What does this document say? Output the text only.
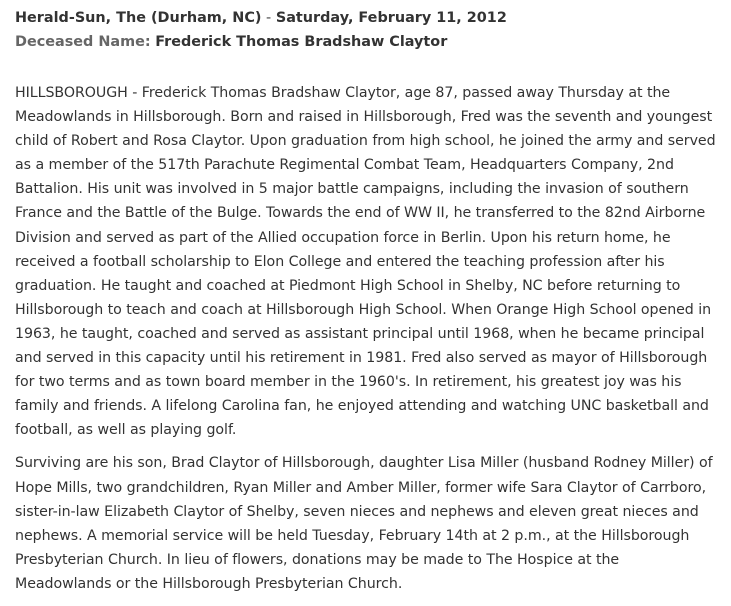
Herald-Sun, The (Durham, NC) - Saturday, February 11, 2012

Deceased Name: Frederick Thomas Bradshaw Claytor

HILLSBOROUGH - Frederick Thomas Bradshaw Claytor, age 87, passed away Thursday at the Meadowlands in Hillsborough. Born and raised in Hillsborough, Fred was the seventh and youngest child of Robert and Rosa Claytor. Upon graduation from high school, he joined the army and served as a member of the 517th Parachute Regimental Combat Team, Headquarters Company, 2nd Battalion. His unit was involved in 5 major battle campaigns, including the invasion of southern France and the Battle of the Bulge. Towards the end of WW II, he transferred to the 82nd Airborne Division and served as part of the Allied occupation force in Berlin. Upon his return home, he received a football scholarship to Elon College and entered the teaching profession after his graduation. He taught and coached at Piedmont High School in Shelby, NC before returning to Hillsborough to teach and coach at Hillsborough High School. When Orange High School opened in 1963, he taught, coached and served as assistant principal until 1968, when he became principal and served in this capacity until his retirement in 1981. Fred also served as mayor of Hillsborough for two terms and as town board member in the 1960's. In retirement, his greatest joy was his family and friends. A lifelong Carolina fan, he enjoyed attending and watching UNC basketball and football, as well as playing golf.

Surviving are his son, Brad Claytor of Hillsborough, daughter Lisa Miller (husband Rodney Miller) of Hope Mills, two grandchildren, Ryan Miller and Amber Miller, former wife Sara Claytor of Carrboro, sister-in-law Elizabeth Claytor of Shelby, seven nieces and nephews and eleven great nieces and nephews. A memorial service will be held Tuesday, February 14th at 2 p.m., at the Hillsborough Presbyterian Church. In lieu of flowers, donations may be made to The Hospice at the Meadowlands or the Hillsborough Presbyterian Church.
